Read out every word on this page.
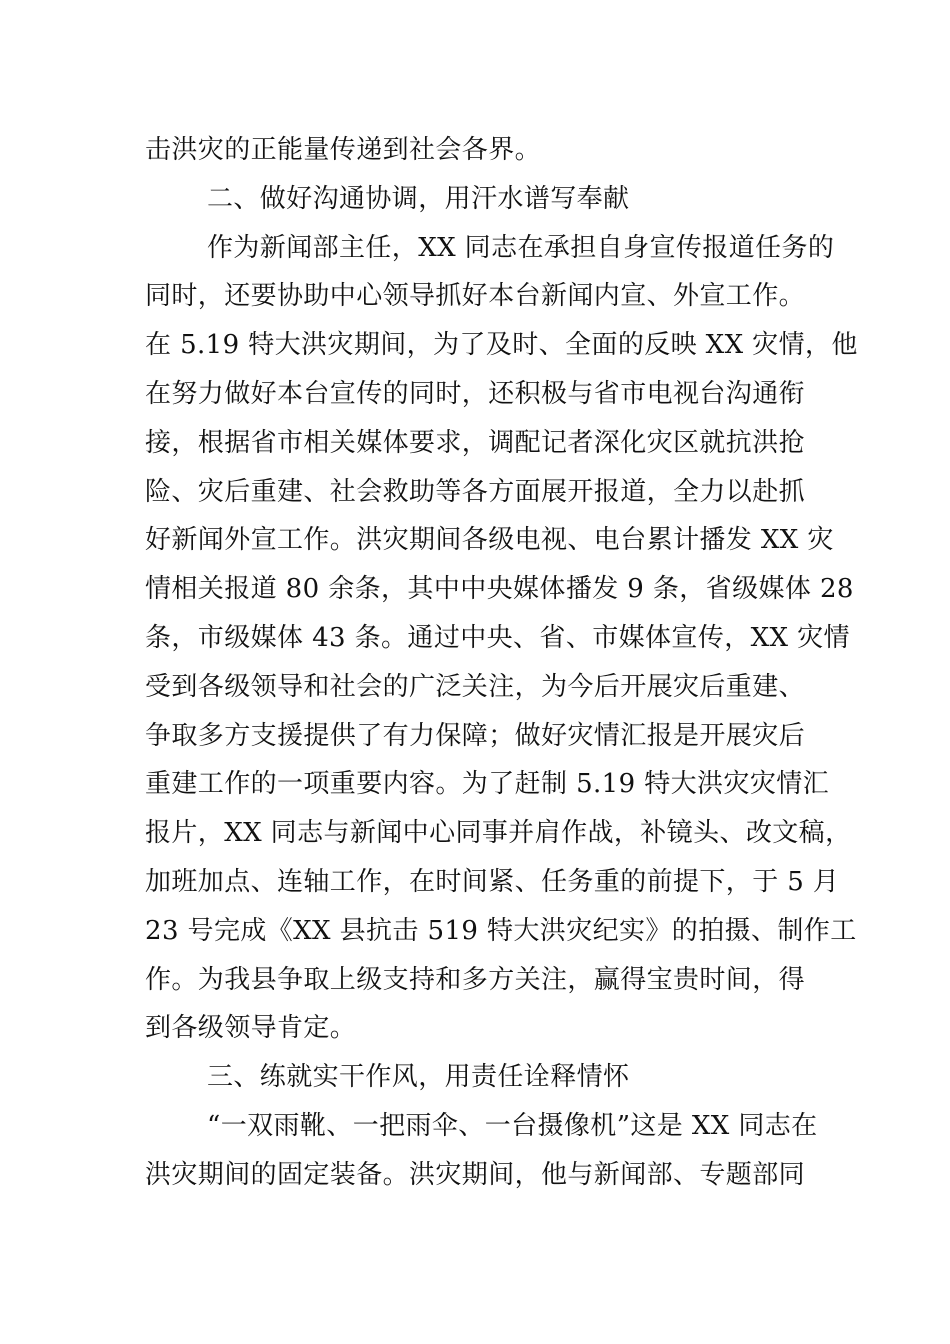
击洪灾的正能量传递到社会各界。
二、做好沟通协调，用汗水谱写奉献
作为新闻部主任，XX 同志在承担自身宣传报道任务的
同时，还要协助中心领导抓好本台新闻内宣、外宣工作。
在 5.19 特大洪灾期间，为了及时、全面的反映 XX 灾情，他
在努力做好本台宣传的同时，还积极与省市电视台沟通衔
接，根据省市相关媒体要求，调配记者深化灾区就抗洪抢
险、灾后重建、社会救助等各方面展开报道，全力以赴抓
好新闻外宣工作。洪灾期间各级电视、电台累计播发 XX 灾
情相关报道 80 余条，其中中央媒体播发 9 条，省级媒体 28
条，市级媒体 43 条。通过中央、省、市媒体宣传，XX 灾情
受到各级领导和社会的广泛关注，为今后开展灾后重建、
争取多方支援提供了有力保障；做好灾情汇报是开展灾后
重建工作的一项重要内容。为了赶制 5.19 特大洪灾灾情汇
报片，XX 同志与新闻中心同事并肩作战，补镜头、改文稿，
加班加点、连轴工作，在时间紧、任务重的前提下，于 5 月
23 号完成《XX 县抗击 519 特大洪灾纪实》的拍摄、制作工
作。为我县争取上级支持和多方关注，赢得宝贵时间，得
到各级领导肯定。
三、练就实干作风，用责任诠释情怀
“一双雨靴、一把雨伞、一台摄像机”这是 XX 同志在
洪灾期间的固定装备。洪灾期间，他与新闻部、专题部同
